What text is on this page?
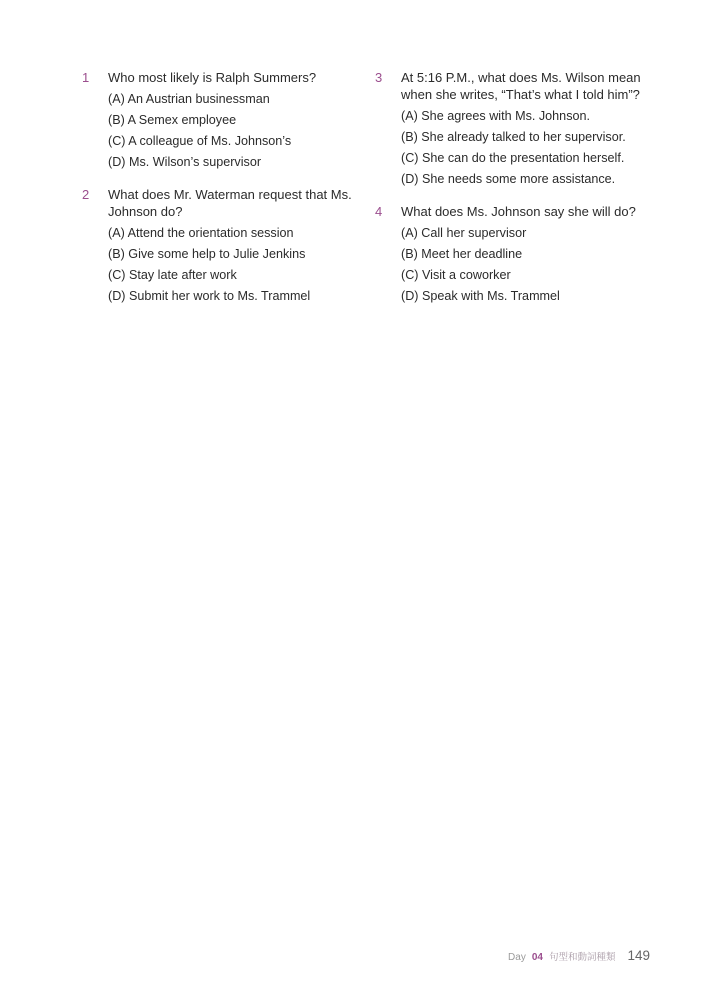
1 Who most likely is Ralph Summers?
(A) An Austrian businessman
(B) A Semex employee
(C) A colleague of Ms. Johnson’s
(D) Ms. Wilson’s supervisor
2 What does Mr. Waterman request that Ms. Johnson do?
(A) Attend the orientation session
(B) Give some help to Julie Jenkins
(C) Stay late after work
(D) Submit her work to Ms. Trammel
3 At 5:16 P.M., what does Ms. Wilson mean when she writes, “That’s what I told him”?
(A) She agrees with Ms. Johnson.
(B) She already talked to her supervisor.
(C) She can do the presentation herself.
(D) She needs some more assistance.
4 What does Ms. Johnson say she will do?
(A) Call her supervisor
(B) Meet her deadline
(C) Visit a coworker
(D) Speak with Ms. Trammel
Day 04 句型和動詞種類 149
